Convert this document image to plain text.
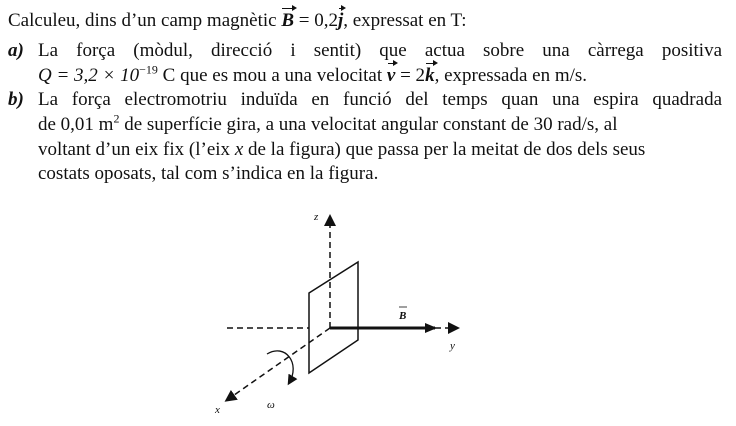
Calculeu, dins d’un camp magnètic B = 0,2j, expressat en T:
a) La força (mòdul, direcció i sentit) que actua sobre una càrrega positiva
$Q = 3,2 \times 10^{-19}$ C que es mou a una velocitat v = 2k, expressada en m/s.
b) La força electromotriu induïda en funció del temps quan una espira quadrada
de 0,01 $m^2$ de superfície gira, a una velocitat angular constant de 30 rad/s, al
voltant d’un eix fix (l’eix x de la figura) que passa per la meitat de dos dels seus
costats oposats, tal com s’indica en la figura.
z
y
x
B
ω
